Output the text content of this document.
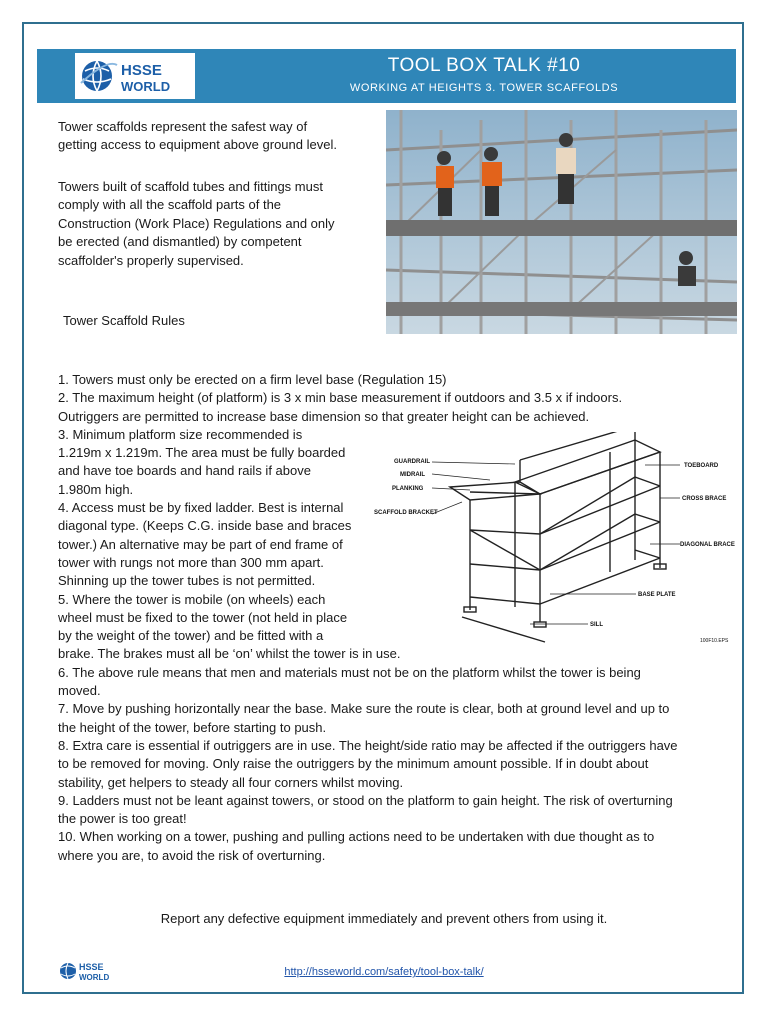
TOOL BOX TALK #10
WORKING AT HEIGHTS 3. TOWER SCAFFOLDS
HSSE
WORLD
Tower scaffolds represent the safest way of
getting access to equipment above ground level.
Towers built of scaffold tubes and fittings must
comply with all the scaffold parts of the
Construction (Work Place) Regulations and only
be erected (and dismantled) by competent
scaffolder's properly supervised.
Tower Scaffold Rules
1. Towers must only be erected on a firm level base (Regulation 15)
2. The maximum height (of platform) is 3 x min base measurement if outdoors and 3.5 x if indoors.
Outriggers are permitted to increase base dimension so that greater height can be achieved.
3. Minimum platform size recommended is
1.219m x 1.219m. The area must be fully boarded
and have toe boards and hand rails if above
1.980m high.
4. Access must be by fixed ladder. Best is internal
diagonal type. (Keeps C.G. inside base and braces
tower.) An alternative may be part of end frame of
tower with rungs not more than 300 mm apart.
Shinning up the tower tubes is not permitted.
5. Where the tower is mobile (on wheels) each
wheel must be fixed to the tower (not held in place
by the weight of the tower) and be fitted with a
brake. The brakes must all be ‘on’ whilst the tower is in use.
6. The above rule means that men and materials must not be on the platform whilst the tower is being
moved.
7. Move by pushing horizontally near the base. Make sure the route is clear, both at ground level and up to
the height of the tower, before starting to push.
8. Extra care is essential if outriggers are in use. The height/side ratio may be affected if the outriggers have
to be removed for moving. Only raise the outriggers by the minimum amount possible. If in doubt about
stability, get helpers to steady all four corners whilst moving.
9. Ladders must not be leant against towers, or stood on the platform to gain height. The risk of overturning
the power is too great!
10. When working on a tower, pushing and pulling actions need to be undertaken with due thought as to
where you are, to avoid the risk of overturning.
GUARDRAIL
MIDRAIL
PLANKING
SCAFFOLD BRACKET
TOEBOARD
CROSS BRACE
DIAGONAL BRACE
BASE PLATE
SILL
100F10.EPS
Report any defective equipment immediately and prevent others from using it.
HSSE
WORLD	http://hsseworld.com/safety/tool-box-talk/
